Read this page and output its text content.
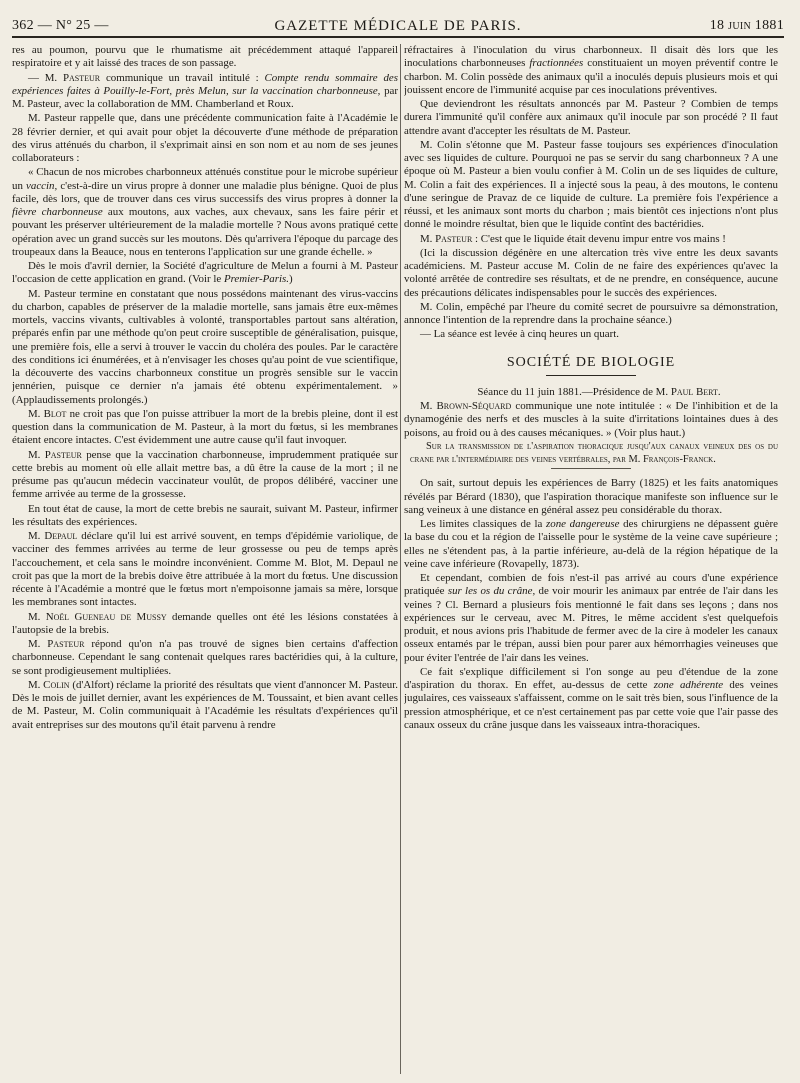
362 — N° 25 —	GAZETTE MÉDICALE DE PARIS.	18 juin 1881

res au poumon, pourvu que le rhumatisme ait précédemment attaqué l'appareil respiratoire et y ait laissé des traces de son passage.

— M. Pasteur communique un travail intitulé : Compte rendu sommaire des expériences faites à Pouilly-le-Fort, près Melun, sur la vaccination charbonneuse, par M. Pasteur, avec la collaboration de MM. Chamberland et Roux.

M. Pasteur rappelle que, dans une précédente communication faite à l'Académie le 28 février dernier, et qui avait pour objet la découverte d'une méthode de préparation des virus atténués du charbon, il s'exprimait ainsi en son nom et au nom de ses jeunes collaborateurs :

« Chacun de nos microbes charbonneux atténués constitue pour le microbe supérieur un vaccin, c'est-à-dire un virus propre à donner une maladie plus bénigne. Quoi de plus facile, dès lors, que de trouver dans ces virus successifs des virus propres à donner la fièvre charbonneuse aux moutons, aux vaches, aux chevaux, sans les faire périr et pouvant les préserver ultérieurement de la maladie mortelle ? Nous avons pratiqué cette opération avec un grand succès sur les moutons. Dès qu'arrivera l'époque du parcage des troupeaux dans la Beauce, nous en tenterons l'application sur une grande échelle. »

Dès le mois d'avril dernier, la Société d'agriculture de Melun a fourni à M. Pasteur l'occasion de cette application en grand. (Voir le Premier-Paris.)

M. Pasteur termine en constatant que nous possédons maintenant des virus-vaccins du charbon, capables de préserver de la maladie mortelle, sans jamais être eux-mêmes mortels, vaccins vivants, cultivables à volonté, transportables partout sans altération, préparés enfin par une méthode qu'on peut croire susceptible de généralisation, puisque, une première fois, elle a servi à trouver le vaccin du choléra des poules. Par le caractère des conditions ici énumérées, et à n'envisager les choses qu'au point de vue scientifique, la découverte des vaccins charbonneux constitue un progrès sensible sur le vaccin jennérien, puisque ce dernier n'a jamais été obtenu expérimentalement. » (Applaudissements prolongés.)

M. Blot ne croit pas que l'on puisse attribuer la mort de la brebis pleine, dont il est question dans la communication de M. Pasteur, à la mort du fœtus, si les membranes étaient encore intactes. C'est évidemment une autre cause qu'il faut invoquer.

M. Pasteur pense que la vaccination charbonneuse, imprudemment pratiquée sur cette brebis au moment où elle allait mettre bas, a dû être la cause de la mort ; il ne présume pas qu'aucun médecin vaccinateur voulût, de propos délibéré, vacciner une femme arrivée au terme de la grossesse.

En tout état de cause, la mort de cette brebis ne saurait, suivant M. Pasteur, infirmer les résultats des expériences.

M. Depaul déclare qu'il lui est arrivé souvent, en temps d'épidémie variolique, de vacciner des femmes arrivées au terme de leur grossesse ou peu de temps après l'accouchement, et cela sans le moindre inconvénient. Comme M. Blot, M. Depaul ne croit pas que la mort de la brebis doive être attribuée à la mort du fœtus. Une discussion récente à l'Académie a montré que le fœtus mort n'empoisonne jamais sa mère, lorsque les membranes sont intactes.

M. Noël Gueneau de Mussy demande quelles ont été les lésions constatées à l'autopsie de la brebis.

M. Pasteur répond qu'on n'a pas trouvé de signes bien certains d'affection charbonneuse. Cependant le sang contenait quelques rares bactéridies qui, à la culture, se sont prodigieusement multipliées.

M. Colin (d'Alfort) réclame la priorité des résultats que vient d'annoncer M. Pasteur. Dès le mois de juillet dernier, avant les expériences de M. Toussaint, et bien avant celles de M. Pasteur, M. Colin communiquait à l'Académie les résultats d'expériences qu'il avait entreprises sur des moutons qu'il était parvenu à rendre

réfractaires à l'inoculation du virus charbonneux. Il disait dès lors que les inoculations charbonneuses fractionnées constituaient un moyen préventif contre le charbon. M. Colin possède des animaux qu'il a inoculés depuis plusieurs mois et qui jouissent encore de l'immunité acquise par ces inoculations préventives.

Que deviendront les résultats annoncés par M. Pasteur ? Combien de temps durera l'immunité qu'il confère aux animaux qu'il inocule par son procédé ? Il faut attendre avant d'accepter les résultats de M. Pasteur.

M. Colin s'étonne que M. Pasteur fasse toujours ses expériences d'inoculation avec ses liquides de culture. Pourquoi ne pas se servir du sang charbonneux ? A une époque où M. Pasteur a bien voulu confier à M. Colin un de ses liquides de culture, M. Colin a fait des expériences. Il a injecté sous la peau, à des moutons, le contenu d'une seringue de Pravaz de ce liquide de culture. La première fois l'expérience a réussi, et les animaux sont morts du charbon ; mais bientôt ces injections n'ont plus donné le moindre résultat, bien que le liquide contînt des bactéridies.

M. Pasteur : C'est que le liquide était devenu impur entre vos mains !

(Ici la discussion dégénère en une altercation très vive entre les deux savants académiciens. M. Pasteur accuse M. Colin de ne faire des expériences qu'avec la volonté arrêtée de contredire ses résultats, et de ne prendre, en conséquence, aucune des précautions délicates indispensables pour le succès des expériences.

M. Colin, empêché par l'heure du comité secret de poursuivre sa démonstration, annonce l'intention de la reprendre dans la prochaine séance.)

— La séance est levée à cinq heures un quart.

SOCIÉTÉ DE BIOLOGIE

Séance du 11 juin 1881.—Présidence de M. Paul Bert.

M. Brown-Séquard communique une note intitulée : « De l'inhibition et de la dynamogénie des nerfs et des muscles à la suite d'irritations lointaines dues à des poisons, au froid ou à des causes mécaniques. » (Voir plus haut.)

Sur la transmission de l'aspiration thoracique jusqu'aux canaux veineux des os du crane par l'intermédiaire des veines vertébrales, par M. François-Franck.

On sait, surtout depuis les expériences de Barry (1825) et les faits anatomiques révélés par Bérard (1830), que l'aspiration thoracique manifeste son influence sur le sang veineux à une distance en général assez peu considérable du thorax.

Les limites classiques de la zone dangereuse des chirurgiens ne dépassent guère la base du cou et la région de l'aisselle pour le système de la veine cave supérieure ; elles ne s'étendent pas, à la partie inférieure, au-delà de la région hépatique de la veine cave inférieure (Rovapelly, 1873).

Et cependant, combien de fois n'est-il pas arrivé au cours d'une expérience pratiquée sur les os du crâne, de voir mourir les animaux par entrée de l'air dans les veines ? Cl. Bernard a plusieurs fois mentionné le fait dans ses leçons ; dans nos expériences sur le cerveau, avec M. Pitres, le même accident s'est quelquefois produit, et nous avions pris l'habitude de fermer avec de la cire à modeler les canaux osseux entamés par le trépan, aussi bien pour parer aux hémorrhagies veineuses que pour éviter l'entrée de l'air dans les veines.

Ce fait s'explique difficilement si l'on songe au peu d'étendue de la zone d'aspiration du thorax. En effet, au-dessus de cette zone adhérente des veines jugulaires, ces vaisseaux s'affaissent, comme on le sait très bien, sous l'influence de la pression atmosphérique, et ce n'est certainement pas par cette voie que l'air passe des canaux osseux du crâne jusque dans les vaisseaux intra-thoraciques.
